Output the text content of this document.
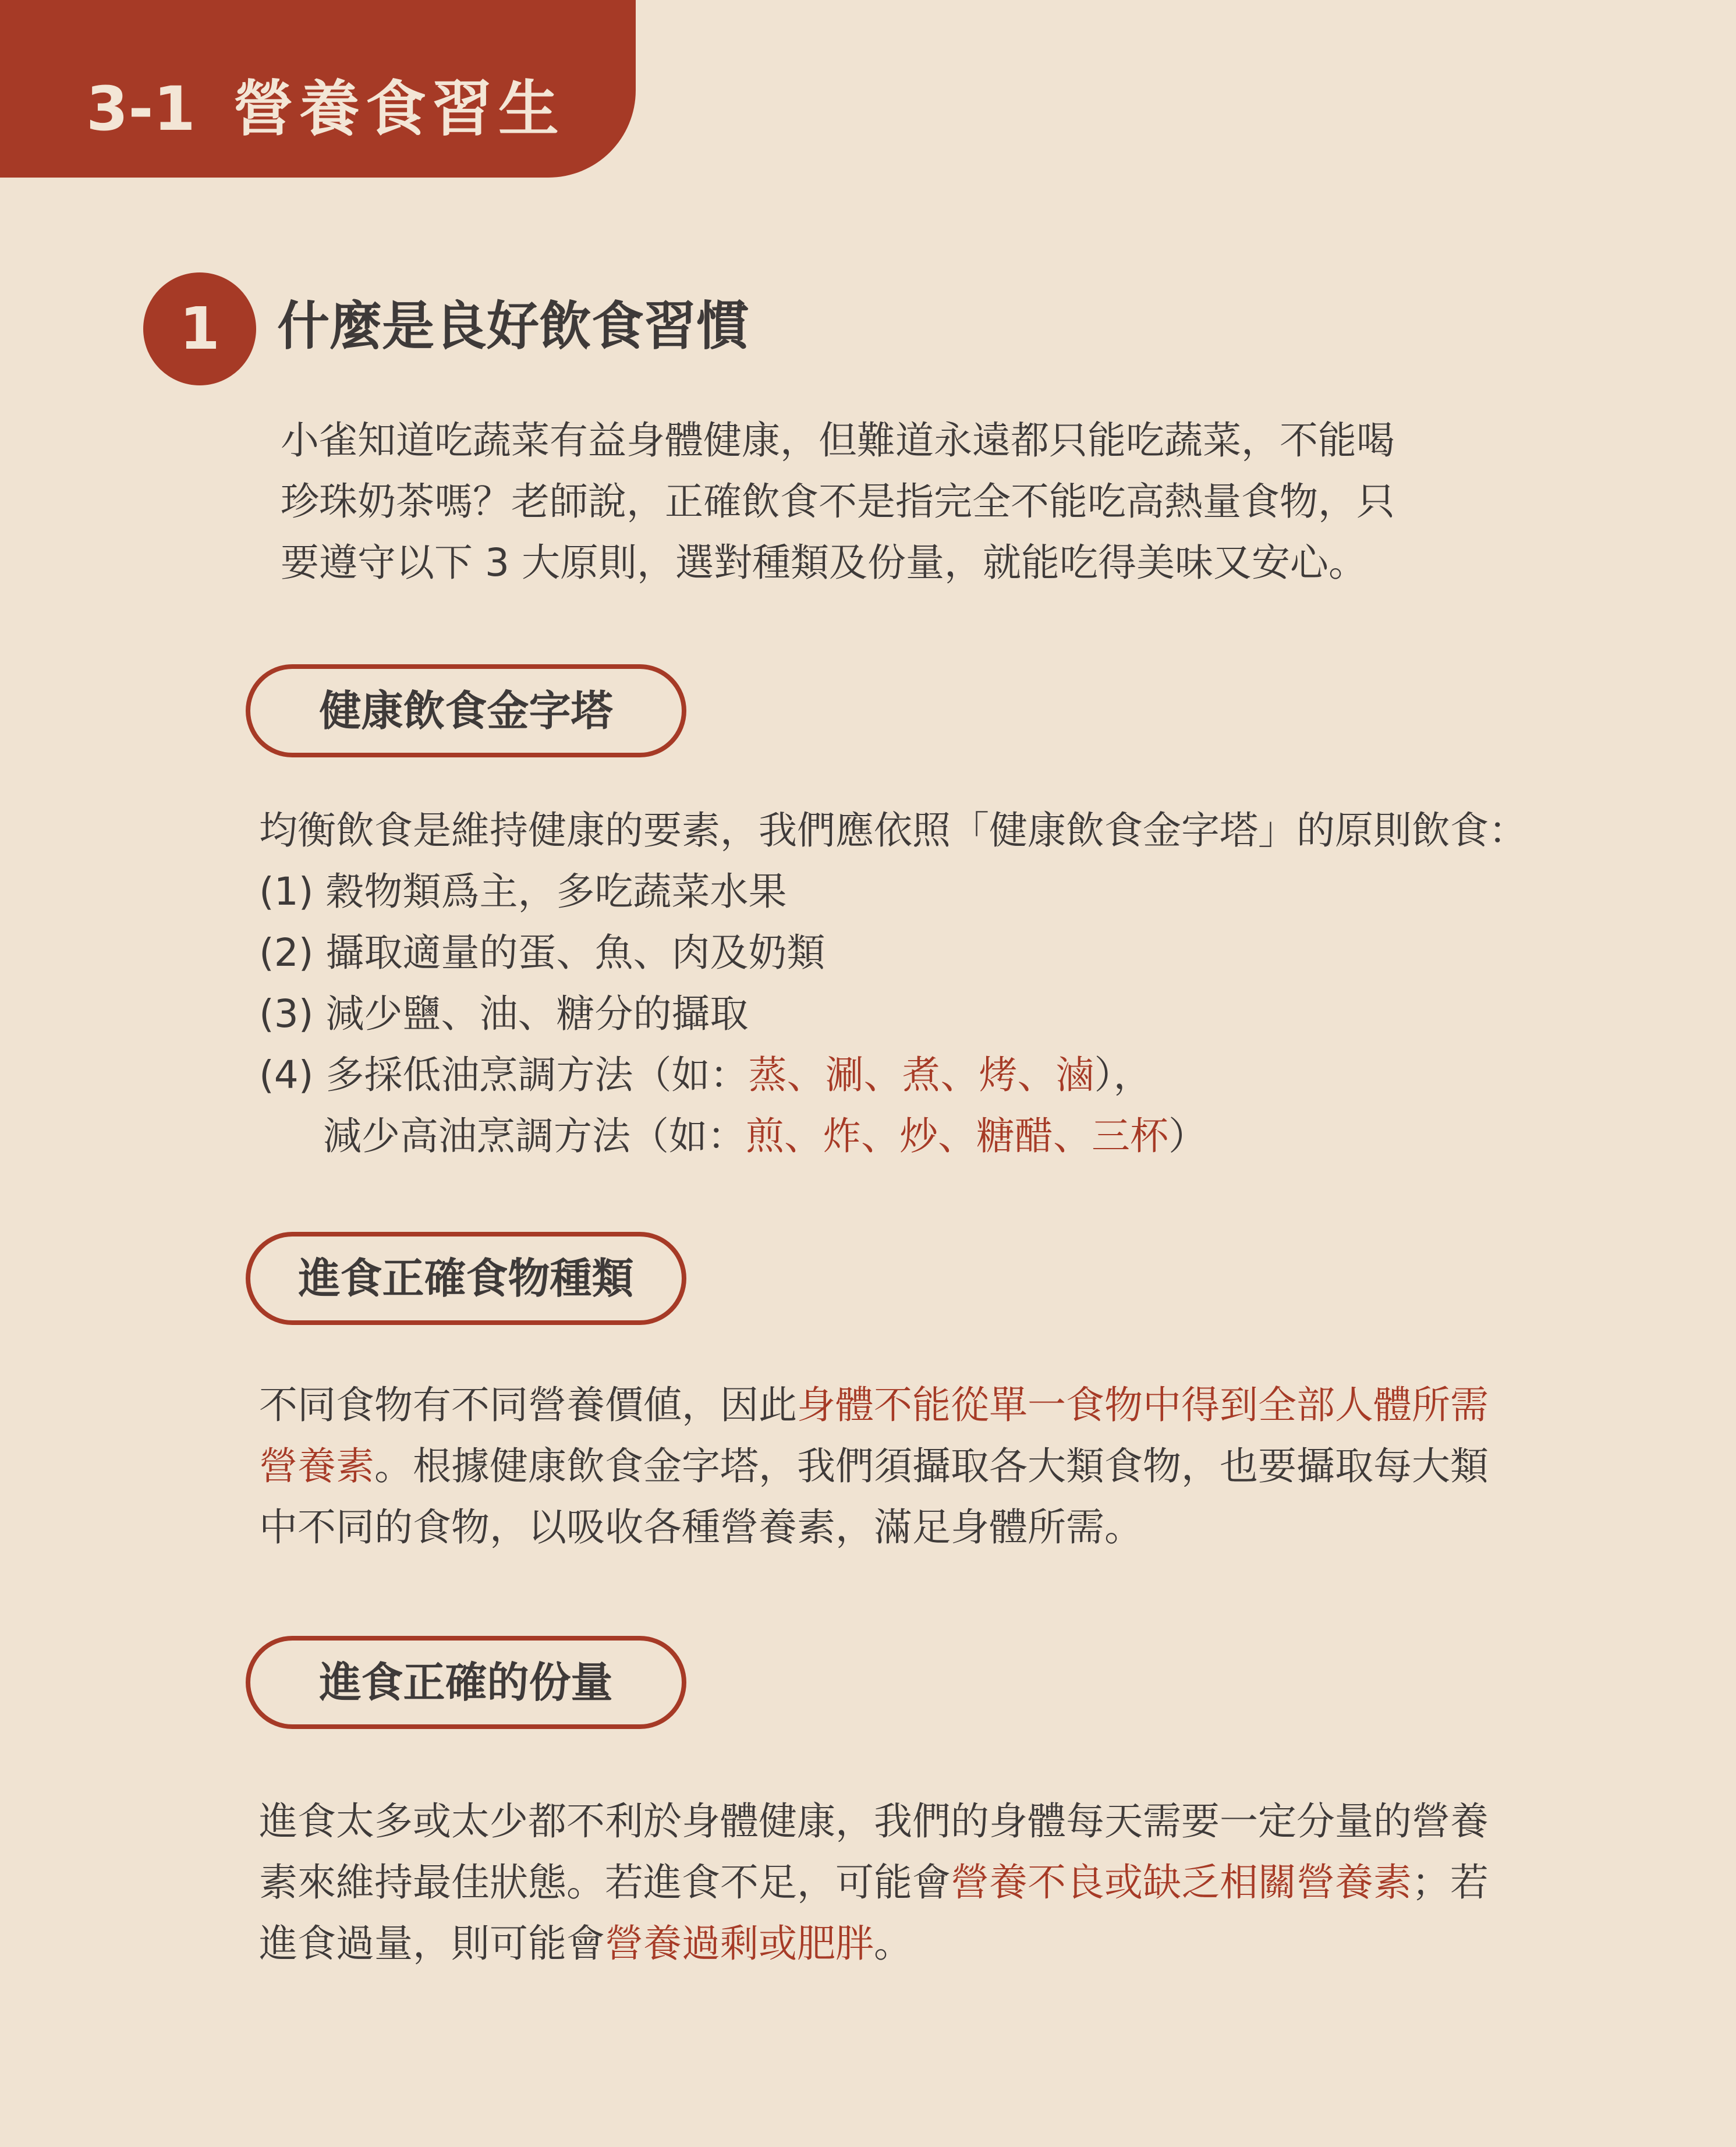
3-1 營養食習生
1	什麼是良好飲食習慣
小雀知道吃蔬菜有益身體健康，但難道永遠都只能吃蔬菜，不能喝
珍珠奶茶嗎？老師說，正確飲食不是指完全不能吃高熱量食物，只
要遵守以下 3 大原則，選對種類及份量，就能吃得美味又安心。
健康飲食金字塔
均衡飲食是維持健康的要素，我們應依照「健康飲食金字塔」的原則飲食：
(1) 穀物類爲主，多吃蔬菜水果
(2) 攝取適量的蛋、魚、肉及奶類
(3) 減少鹽、油、糖分的攝取
(4) 多採低油烹調方法（如：蒸、涮、煮、烤、滷），
減少高油烹調方法（如：煎、炸、炒、糖醋、三杯）
進食正確食物種類
不同食物有不同營養價値，因此身體不能從單一食物中得到全部人體所需
營養素。根據健康飲食金字塔，我們須攝取各大類食物，也要攝取每大類
中不同的食物，以吸收各種營養素，滿足身體所需。
進食正確的份量
進食太多或太少都不利於身體健康，我們的身體每天需要一定分量的營養
素來維持最佳狀態。若進食不足，可能會營養不良或缺乏相關營養素；若
進食過量，則可能會營養過剩或肥胖。
